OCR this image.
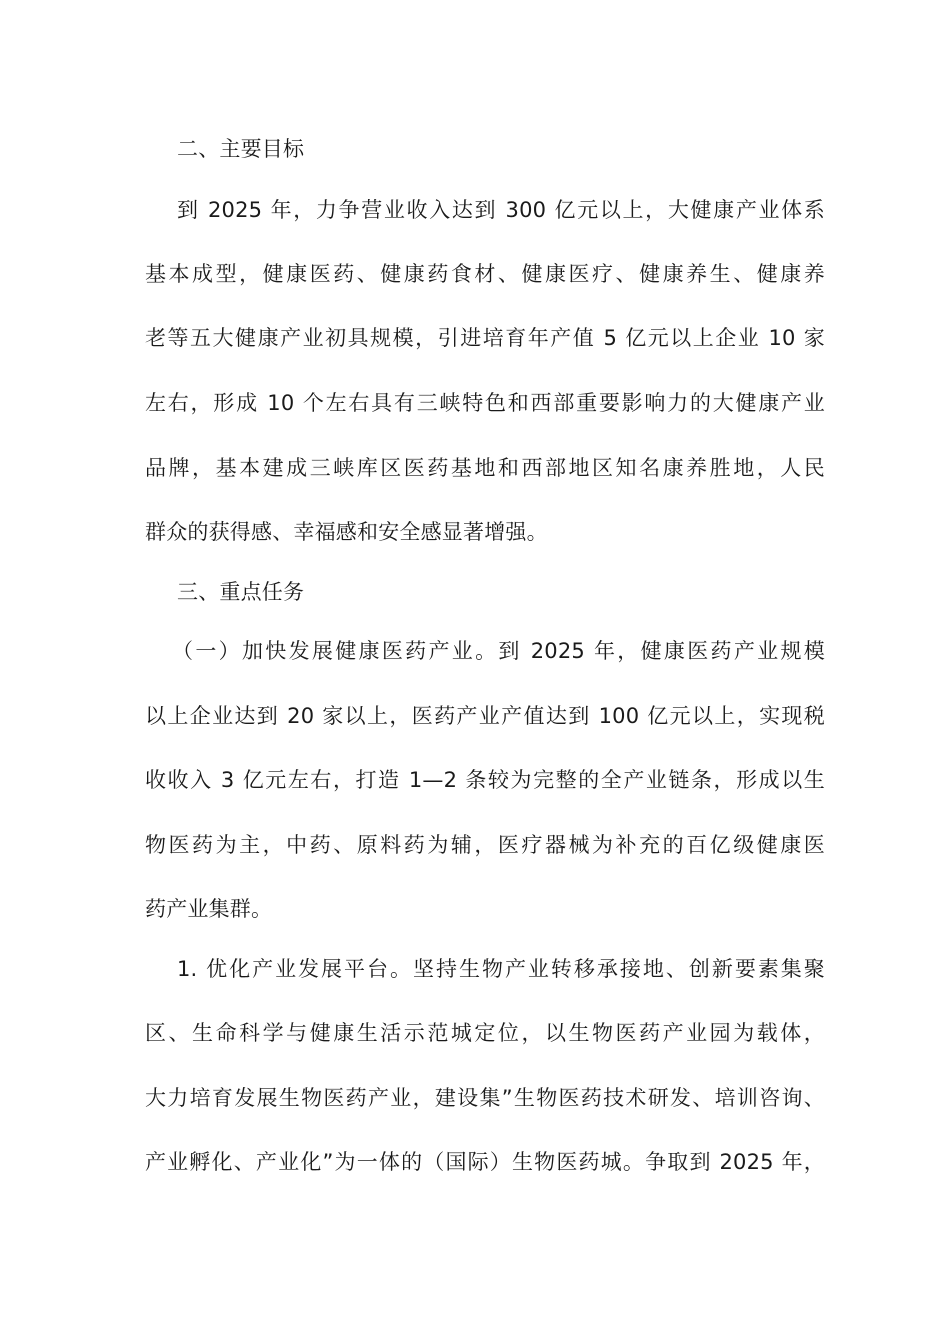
二、主要目标
到 2025 年，力争营业收入达到 300 亿元以上，大健康产业体系
基本成型，健康医药、健康药食材、健康医疗、健康养生、健康养
老等五大健康产业初具规模，引进培育年产值 5 亿元以上企业 10 家
左右，形成 10 个左右具有三峡特色和西部重要影响力的大健康产业
品牌，基本建成三峡库区医药基地和西部地区知名康养胜地，人民
群众的获得感、幸福感和安全感显著增强。
三、重点任务
（一）加快发展健康医药产业。到 2025 年，健康医药产业规模
以上企业达到 20 家以上，医药产业产值达到 100 亿元以上，实现税
收收入 3 亿元左右，打造 1—2 条较为完整的全产业链条，形成以生
物医药为主，中药、原料药为辅，医疗器械为补充的百亿级健康医
药产业集群。
1. 优化产业发展平台。坚持生物产业转移承接地、创新要素集聚
区、生命科学与健康生活示范城定位，以生物医药产业园为载体，
大力培育发展生物医药产业，建设集”生物医药技术研发、培训咨询、
产业孵化、产业化”为一体的（国际）生物医药城。争取到 2025 年，
